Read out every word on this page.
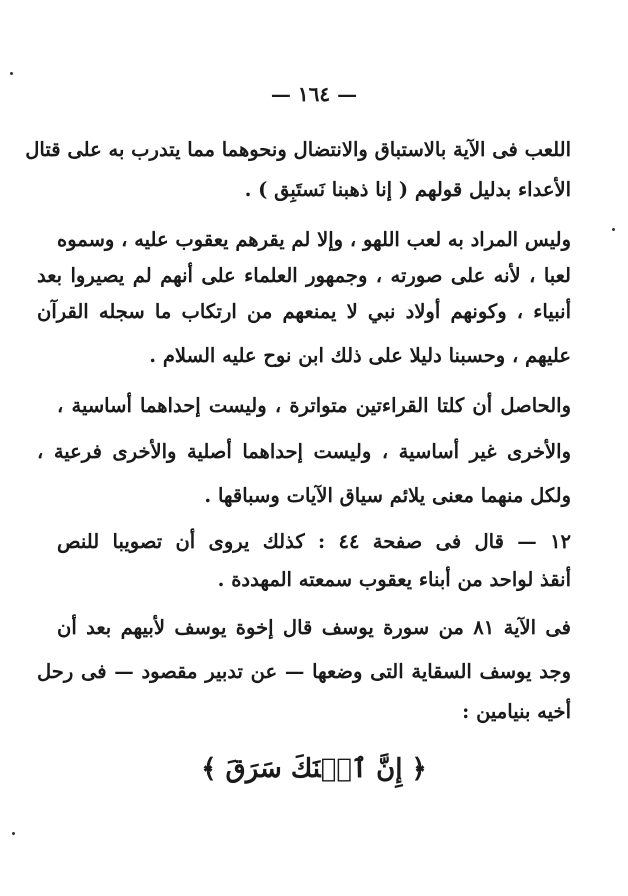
— ١٦٤ —
اللعب فى الآية بالاستباق والانتضال ونحوهما مما يتدرب به على قتال
الأعداء بدليل قولهم ( إنا ذهبنا نَستَبِق ) .
وليس المراد به لعب اللهو ، وإلا لم يقرهم يعقوب عليه ، وسموه
لعبا ، لأنه على صورته ، وجمهور العلماء على أنهم لم يصيروا بعد
أنبياء ، وكونهم أولاد نبي لا يمنعهم من ارتكاب ما سجله القرآن
عليهم ، وحسبنا دليلا على ذلك ابن نوح عليه السلام .
والحاصل أن كلتا القراءتين متواترة ، وليست إحداهما أساسية ،
والأخرى غير أساسية ، وليست إحداهما أصلية والأخرى فرعية ،
ولكل منهما معنى يلائم سياق الآيات وسباقها .
١٢ — قال فى صفحة ٤٤ : كذلك يروى أن تصويبا للنص
أنقذ لواحد من أبناء يعقوب سمعته المهددة .
فى الآية ٨١ من سورة يوسف قال إخوة يوسف لأبيهم بعد أن
وجد يوسف السقاية التى وضعها — عن تدبير مقصود — فى رحل
أخيه بنيامين :
﴿ إِنَّ ٱبۡنَكَ سَرَقَ ﴾
